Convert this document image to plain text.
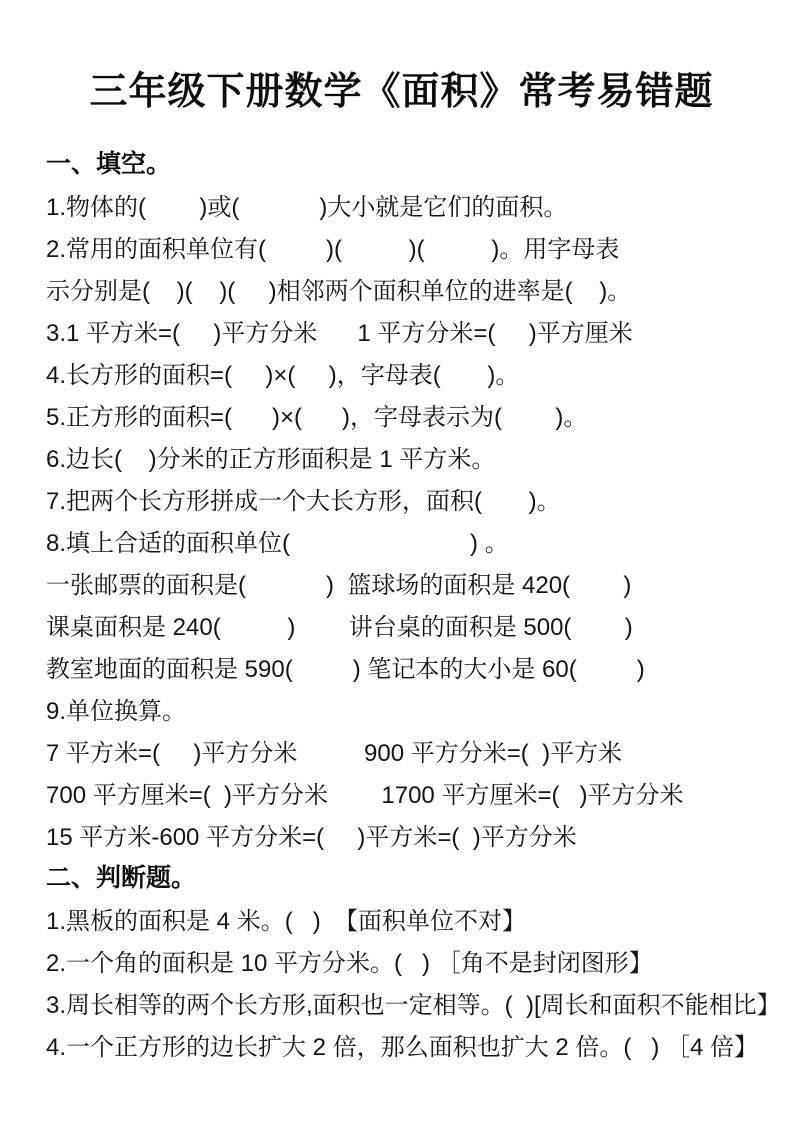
三年级下册数学《面积》常考易错题

一、填空。

1.物体的(        )或(            )大小就是它们的面积。

2.常用的面积单位有(         )(          )(          )。用字母表

示分别是(    )(    )(     )相邻两个面积单位的进率是(    )。

3.1 平方米=(     )平方分米      1 平方分米=(     )平方厘米

4.长方形的面积=(     )×(     )，字母表(       )。

5.正方形的面积=(      )×(      )，字母表示为(        )。

6.边长(    )分米的正方形面积是 1 平方米。

7.把两个长方形拼成一个大长方形，面积(       )。

8.填上合适的面积单位(                           ) 。

一张邮票的面积是(            )  篮球场的面积是 420(        )

课桌面积是 240(          )        讲台桌的面积是 500(        )

教室地面的面积是 590(         ) 笔记本的大小是 60(         )

9.单位换算。

7 平方米=(     )平方分米          900 平方分米=(  )平方米

700 平方厘米=(  )平方分米        1700 平方厘米=(   )平方分米

15 平方米-600 平方分米=(     )平方米=(  )平方分米

二、判断题。

1.黑板的面积是 4 米。(   )  【面积单位不对】

2.一个角的面积是 10 平方分米。(   ) ［角不是封闭图形】

3.周长相等的两个长方形,面积也一定相等。(  )[周长和面积不能相比】

4.一个正方形的边长扩大 2 倍，那么面积也扩大 2 倍。(   ) ［4 倍】
